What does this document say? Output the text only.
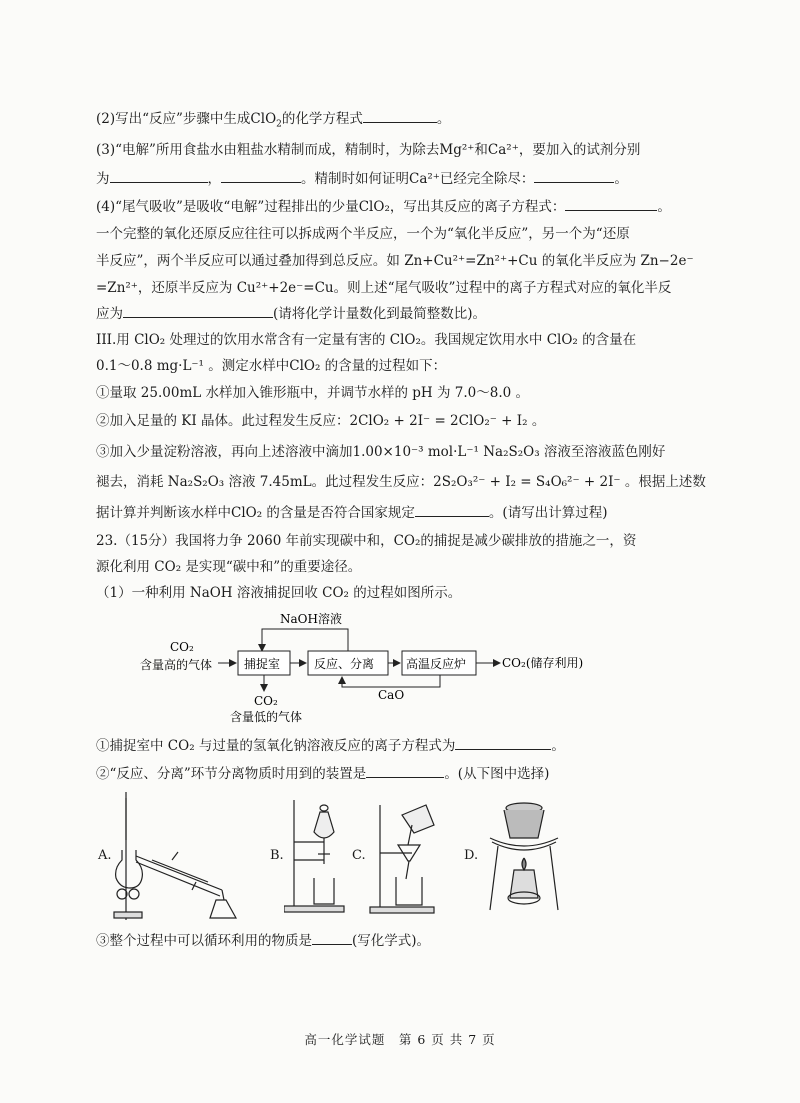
(2)写出“反应”步骤中生成ClO$_2$的化学方程式	。
(3)“电解”所用食盐水由粗盐水精制而成，精制时，为除去Mg²⁺和Ca²⁺，要加入的试剂分别
为	，	。精制时如何证明Ca²⁺已经完全除尽：	。
(4)“尾气吸收”是吸收“电解”过程排出的少量ClO₂，写出其反应的离子方程式：	。
一个完整的氧化还原反应往往可以拆成两个半反应，一个为“氧化半反应”，另一个为“还原
半反应”，两个半反应可以通过叠加得到总反应。如 Zn+Cu²⁺=Zn²⁺+Cu 的氧化半反应为 Zn−2e⁻
=Zn²⁺，还原半反应为 Cu²⁺+2e⁻=Cu。则上述“尾气吸收”过程中的离子方程式对应的氧化半反
应为	(请将化学计量数化到最简整数比)。
III.用 ClO₂ 处理过的饮用水常含有一定量有害的 ClO₂。我国规定饮用水中 ClO₂ 的含量在
0.1～0.8 mg·L⁻¹ 。测定水样中ClO₂ 的含量的过程如下：
①量取 25.00mL 水样加入锥形瓶中，并调节水样的 pH 为 7.0～8.0 。
②加入足量的 KI 晶体。此过程发生反应：2ClO₂ + 2I⁻ = 2ClO₂⁻ + I₂ 。
③加入少量淀粉溶液，再向上述溶液中滴加1.00×10⁻³ mol·L⁻¹ Na₂S₂O₃ 溶液至溶液蓝色刚好
褪去，消耗 Na₂S₂O₃ 溶液 7.45mL。此过程发生反应：2S₂O₃²⁻ + I₂ = S₄O₆²⁻ + 2I⁻ 。根据上述数
据计算并判断该水样中ClO₂ 的含量是否符合国家规定	。(请写出计算过程)
23.（15分）我国将力争 2060 年前实现碳中和，CO₂的捕捉是减少碳排放的措施之一，资
源化利用 CO₂ 是实现“碳中和”的重要途径。
（1）一种利用 NaOH 溶液捕捉回收 CO₂ 的过程如图所示。
NaOH溶液
CO₂
含量高的气体	捕捉室	反应、分离	高温反应炉	CO₂(储存利用)
CaO
CO₂
含量低的气体
①捕捉室中 CO₂ 与过量的氢氧化钠溶液反应的离子方程式为	。
②“反应、分离”环节分离物质时用到的装置是	。(从下图中选择)
A.	B.	C.	D.
③整个过程中可以循环利用的物质是	(写化学式)。
高一化学试题　第 6 页 共 7 页
